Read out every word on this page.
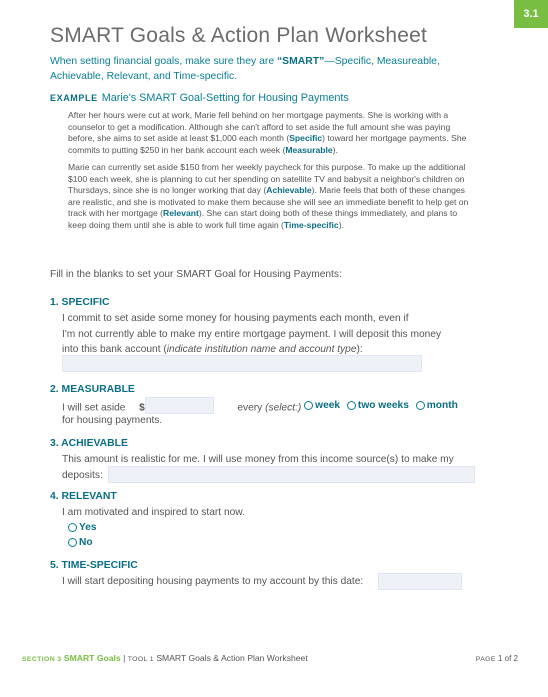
3.1
SMART Goals & Action Plan Worksheet
When setting financial goals, make sure they are “SMART”—Specific, Measureable, Achievable, Relevant, and Time-specific.
EXAMPLE Marie's SMART Goal-Setting for Housing Payments
After her hours were cut at work, Marie fell behind on her mortgage payments. She is working with a counselor to get a modification. Although she can't afford to set aside the full amount she was paying before, she aims to set aside at least $1,000 each month (Specific) toward her mortgage payments. She commits to putting $250 in her bank account each week (Measurable).
Marie can currently set aside $150 from her weekly paycheck for this purpose. To make up the additional $100 each week, she is planning to cut her spending on satellite TV and babysit a neighbor's children on Thursdays, since she is no longer working that day (Achievable). Marie feels that both of these changes are realistic, and she is motivated to make them because she will see an immediate benefit to help get on track with her mortgage (Relevant). She can start doing both of these things immediately, and plans to keep doing them until she is able to work full time again (Time-specific).
Fill in the blanks to set your SMART Goal for Housing Payments:
1. SPECIFIC
I commit to set aside some money for housing payments each month, even if
I'm not currently able to make my entire mortgage payment. I will deposit this money
into this bank account (indicate institution name and account type):
2. MEASURABLE
I will set aside $	every (select:) week
two weeks
month
for housing payments.
3. ACHIEVABLE
This amount is realistic for me. I will use money from this income source(s) to make my
deposits:
4. RELEVANT
I am motivated and inspired to start now.
Yes
No
5. TIME-SPECIFIC
I will start depositing housing payments to my account by this date:
SECTION 3 SMART Goals | TOOL 1 SMART Goals & Action Plan Worksheet	PAGE 1 of 2
